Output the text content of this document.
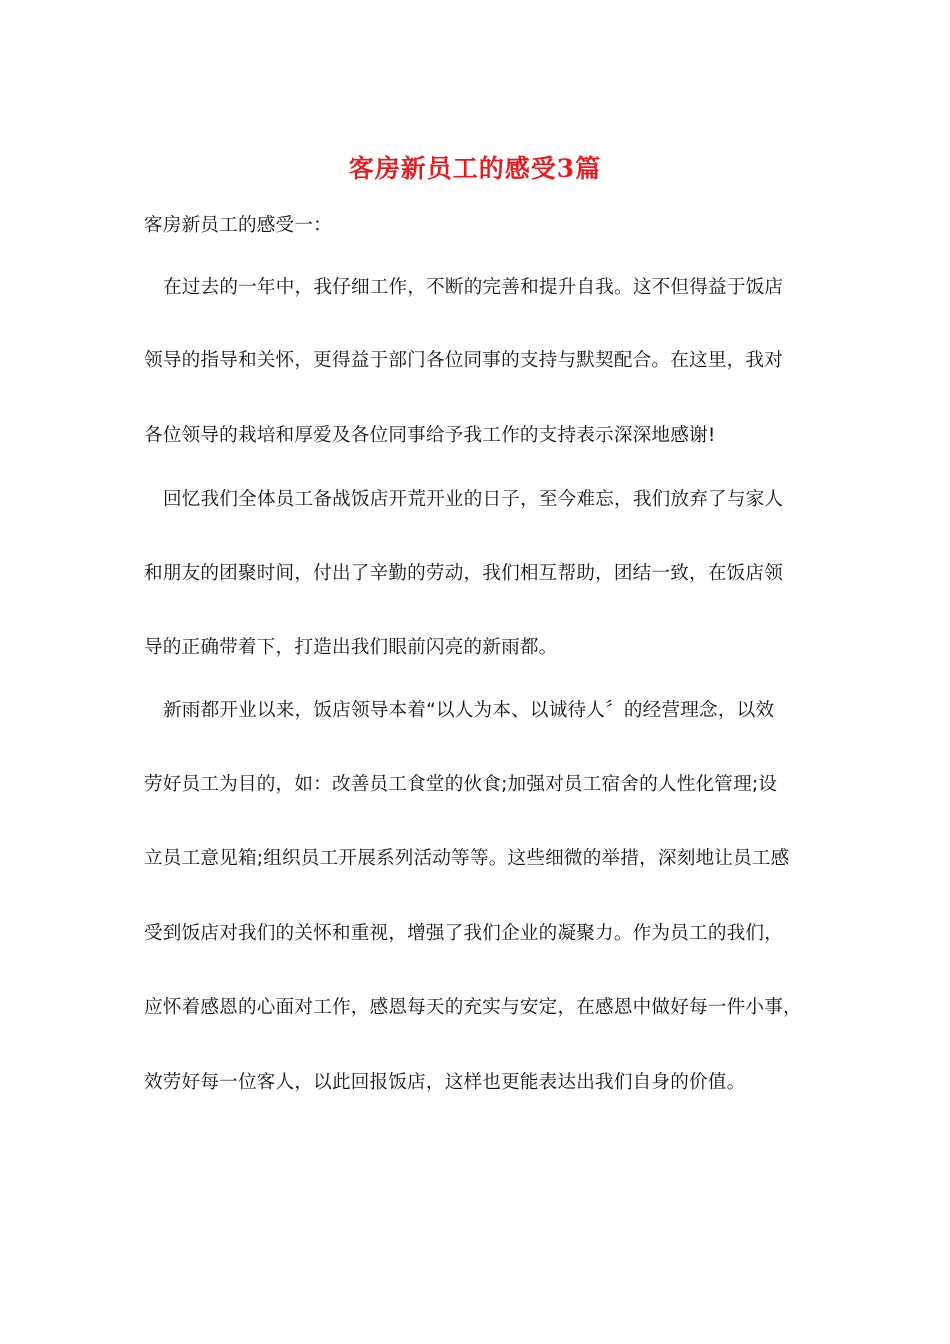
客房新员工的感受3篇
客房新员工的感受一：
在过去的一年中，我仔细工作，不断的完善和提升自我。这不但得益于饭店
领导的指导和关怀，更得益于部门各位同事的支持与默契配合。在这里，我对
各位领导的栽培和厚爱及各位同事给予我工作的支持表示深深地感谢!
回忆我们全体员工备战饭店开荒开业的日子，至今难忘，我们放弃了与家人
和朋友的团聚时间，付出了辛勤的劳动，我们相互帮助，团结一致，在饭店领
导的正确带着下，打造出我们眼前闪亮的新雨都。
新雨都开业以来，饭店领导本着“以人为本、以诚待人〞的经营理念，以效
劳好员工为目的，如：改善员工食堂的伙食;加强对员工宿舍的人性化管理;设
立员工意见箱;组织员工开展系列活动等等。这些细微的举措，深刻地让员工感
受到饭店对我们的关怀和重视，增强了我们企业的凝聚力。作为员工的我们，
应怀着感恩的心面对工作，感恩每天的充实与安定，在感恩中做好每一件小事，
效劳好每一位客人，以此回报饭店，这样也更能表达出我们自身的价值。
